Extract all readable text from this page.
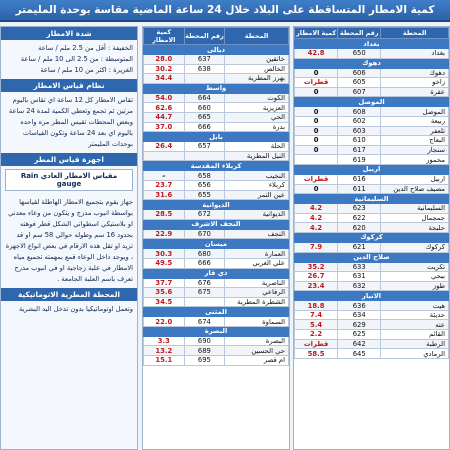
كمية الامطار المتساقطة على البلاد خلال 24 ساعة الماضية مقاسة بوحدة المليمتر
شدة الامطار

الخفيفة : أقل من 2.5 ملم / ساعة

المتوسطة : من 2.5 الى 10 ملم / ساعة

الغزيرة : اكثر من 10 ملم / ساعة

نظام قياس الامطار
تقاس الامطار كل 12 ساعة اي تقاس باليوم مرتين ثم تجمع وتعطي الكمية لمدة 24 ساعة وبعض المحطات تقيس المطر مره واحده باليوم اي بعد 24 ساعة وتكون القياسات بوحدات المليمتر
اجهزة قياس المطر
مقياس الامطار العادي Rain gauge
جهاز يقوم بتجميع الامطار الهاطلة لقياسها بواسطة انبوب مدرج و يتكون من وعاء معدني او بلاستيكي اسطواني الشكل قطر فوهته بحدود 16 سم وطوله حوالي 58 سم او قد تزيد او تقل هذه الارقام في بعض انواع الاجهزة ، ويوجد داخل الوعاء قمع بمهمته تجميع مياه الامطار في علبة زجاجية او في انبوب مدرج تعرف باسم العلبة الجامعة .
المحطة المطرية الاتوماتيكية
وتعمل اوتوماتيكيا بدون تدخل اليد البشرية
المحطة	رقم المحطة	كمية الامطار
ديالى		
خانقين	637	28.0
الخالص	638	30.2
بهرز المطرية		34.4
واسط		
الكوت	664	54.0
العزيزية	660	62.6
الحي	665	44.7
بدرة	666	37.0
بابل		
الحلة	657	26.4
النيل المطرية		
كربلاء المقدسة		
النخيب	658	–
كربلاء	656	23.7
عين التمر	655	31.6
الديوانية		
الديوانية	672	28.5
النجف الاشرف		
النجف	670	22.9
ميسان		
العمارة	680	30.3
علي الغربي	666	49.5
ذي قار		
الناصرية	676	37.7
الرفاعي	675	35.6
الشطرة المطرية		34.5
المثنى		
السماوة	674	22.0
البصرة		
البصرة	690	3.3
حي الحسين	689	13.2
ام قصر	695	15.1
المحطة	رقم المحطة	كمية الامطار
بغداد		
بغداد	650	42.8
دهوك		
دهوك	606	0
زاخو	605	قطرات
عقرة	607	0
الموصل		
الموصل	608	0
ربيعة	602	0
تلعفر	603	0
البعاج	610	0
سنجار	617	0
مخمور	619	
اربيل		
اربيل	616	قطرات
مصيف صلاح الدين	611	0
السليمانية		
السليمانية	623	4.2
جمجمال	622	4.2
حلبجة	620	4.2
كركوك		
كركوك	621	7.9
صلاح الدين		
تكريت	633	35.2
بيجي	631	26.7
طوز	632	23.4
الانبار		
هيت	636	18.8
حديثة	634	7.4
عنه	629	5.4
القائم	625	2.2
الرطبة	642	قطرات
الرمادي	645	58.5
